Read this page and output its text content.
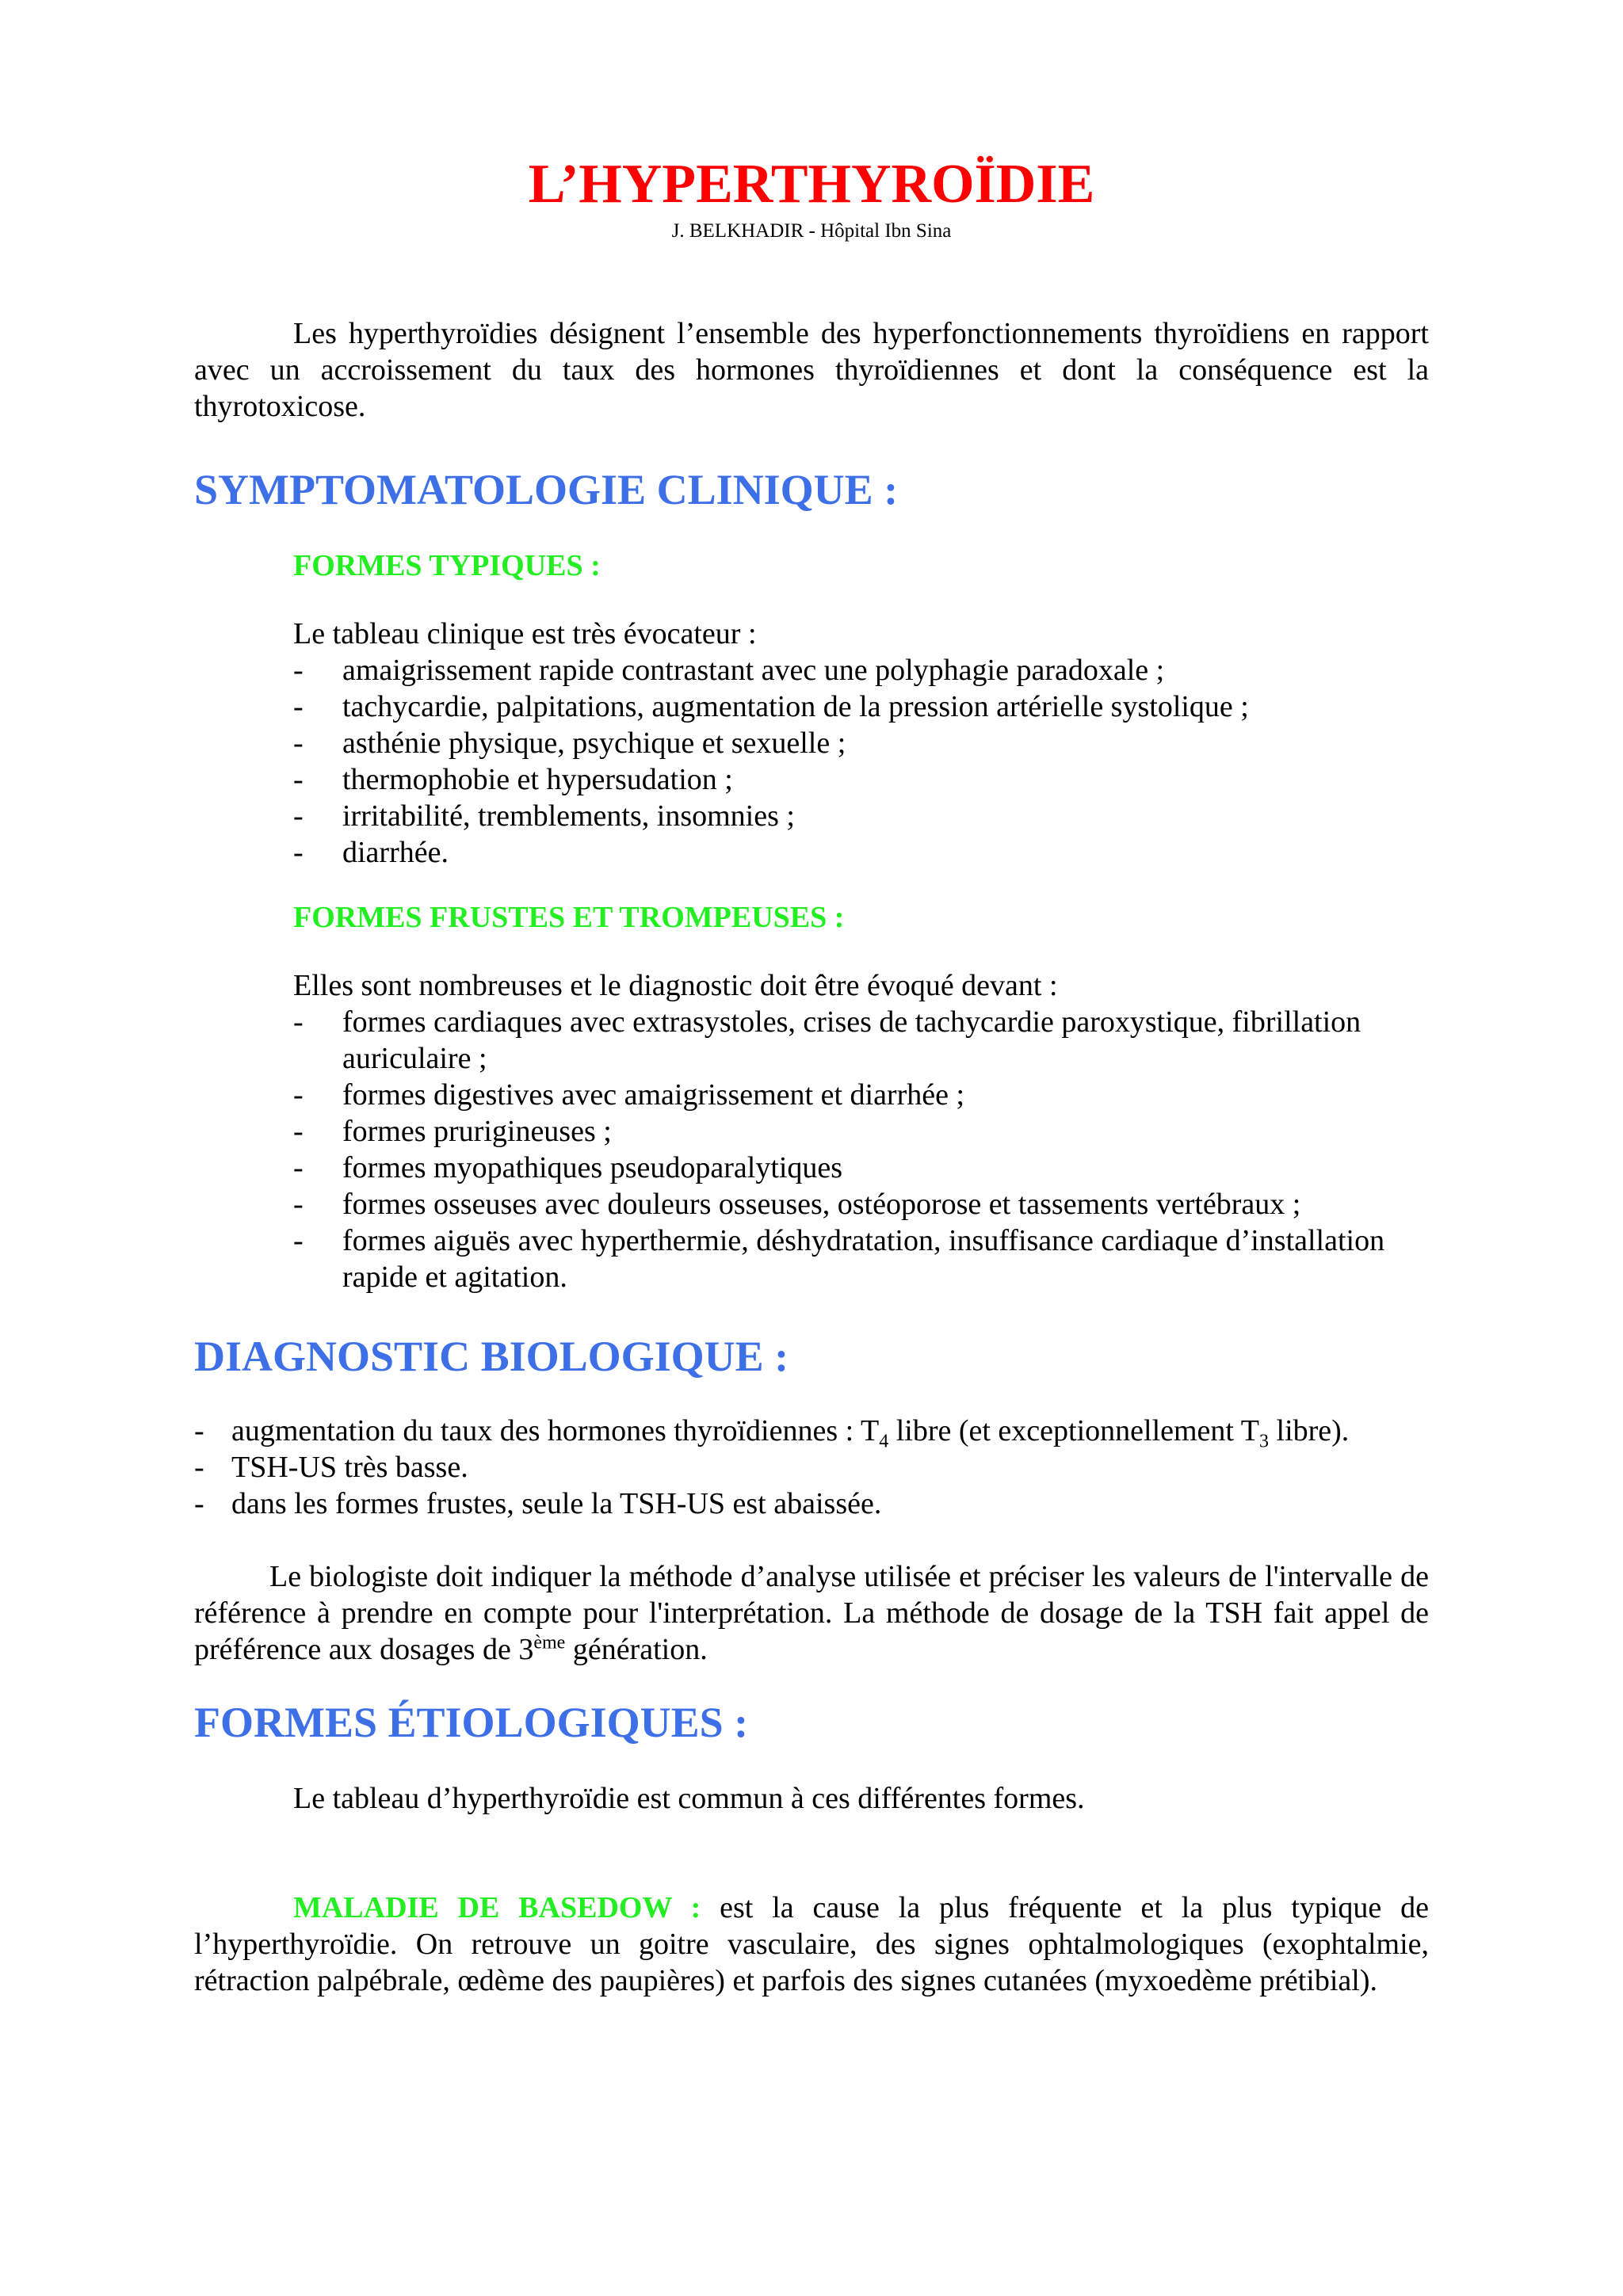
L’HYPERTHYROÏDIE

J. BELKHADIR - Hôpital Ibn Sina

Les hyperthyroïdies désignent l’ensemble des hyperfonctionnements thyroïdiens en rapport avec un accroissement du taux des hormones thyroïdiennes et dont la conséquence est la thyrotoxicose.

SYMPTOMATOLOGIE CLINIQUE :
FORMES TYPIQUES :

Le tableau clinique est très évocateur :

- amaigrissement rapide contrastant avec une polyphagie paradoxale ;
- tachycardie, palpitations, augmentation de la pression artérielle systolique ;
- asthénie physique, psychique et sexuelle ;
- thermophobie et hypersudation ;
- irritabilité, tremblements, insomnies ;
- diarrhée.
FORMES FRUSTES ET TROMPEUSES :

Elles sont nombreuses et le diagnostic doit être évoqué devant :

- formes cardiaques avec extrasystoles, crises de tachycardie paroxystique, fibrillation auriculaire ;
- formes digestives avec amaigrissement et diarrhée ;
- formes prurigineuses ;
- formes myopathiques pseudoparalytiques
- formes osseuses avec douleurs osseuses, ostéoporose et tassements vertébraux ;
- formes aiguës avec hyperthermie, déshydratation, insuffisance cardiaque d’installation rapide et agitation.
DIAGNOSTIC BIOLOGIQUE :
- augmentation du taux des hormones thyroïdiennes : $T_4$ libre (et exceptionnellement $T_3$ libre).
- TSH-US très basse.
- dans les formes frustes, seule la TSH-US est abaissée.

Le biologiste doit indiquer la méthode d’analyse utilisée et préciser les valeurs de l'intervalle de référence à prendre en compte pour l'interprétation. La méthode de dosage de la TSH fait appel de préférence aux dosages de 3ème génération.

FORMES ÉTIOLOGIQUES :

Le tableau d’hyperthyroïdie est commun à ces différentes formes.

MALADIE DE BASEDOW : est la cause la plus fréquente et la plus typique de l’hyperthyroïdie. On retrouve un goitre vasculaire, des signes ophtalmologiques (exophtalmie, rétraction palpébrale, œdème des paupières) et parfois des signes cutanées (myxoedème prétibial).
